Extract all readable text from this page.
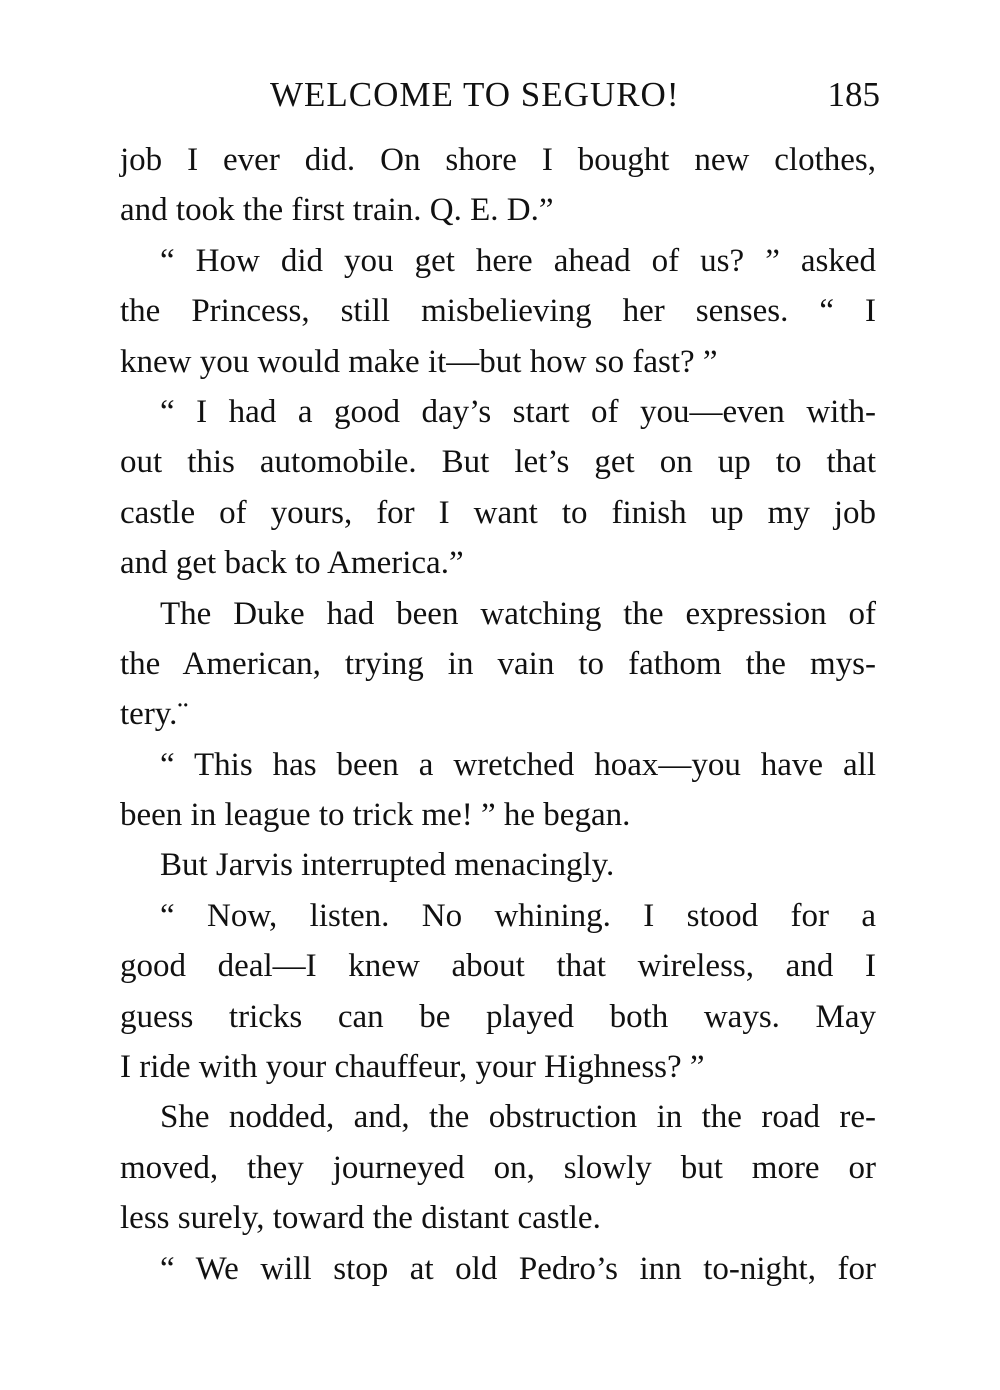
WELCOME TO SEGURO!	185
job I ever did. On shore I bought new clothes,
and took the first train. Q. E. D.”
“ How did you get here ahead of us? ” asked
the Princess, still misbelieving her senses. “ I
knew you would make it—but how so fast? ”
“ I had a good day’s start of you—even with-
out this automobile. But let’s get on up to that
castle of yours, for I want to finish up my job
and get back to America.”
The Duke had been watching the expression of
the American, trying in vain to fathom the mys-
tery.¨
“ This has been a wretched hoax—you have all
been in league to trick me! ” he began.
But Jarvis interrupted menacingly.
“ Now, listen. No whining. I stood for a
good deal—I knew about that wireless, and I
guess tricks can be played both ways. May
I ride with your chauffeur, your Highness? ”
She nodded, and, the obstruction in the road re-
moved, they journeyed on, slowly but more or
less surely, toward the distant castle.
“ We will stop at old Pedro’s inn to-night, for
